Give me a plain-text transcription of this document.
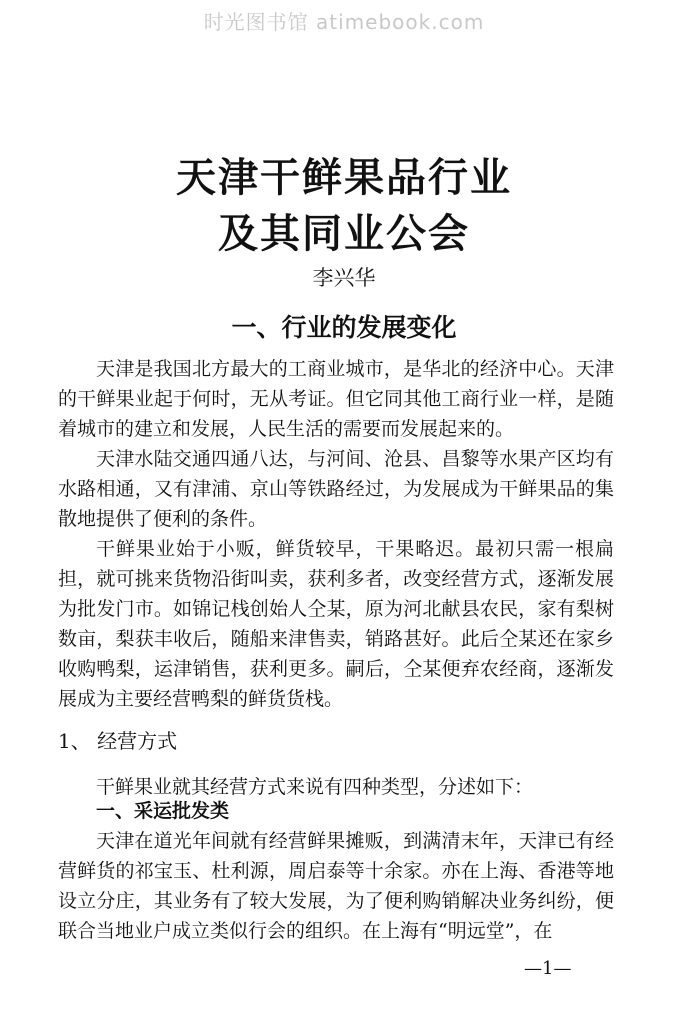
时光图书馆 atimebook.com
天津干鲜果品行业
及其同业公会
李兴华
一、行业的发展变化
天津是我国北方最大的工商业城市，是华北的经济中心。天津的干鲜果业起于何时，无从考证。但它同其他工商行业一样，是随着城市的建立和发展，人民生活的需要而发展起来的。
天津水陆交通四通八达，与河间、沧县、昌黎等水果产区均有水路相通，又有津浦、京山等铁路经过，为发展成为干鲜果品的集散地提供了便利的条件。
干鲜果业始于小贩，鲜货较早，干果略迟。最初只需一根扁担，就可挑来货物沿街叫卖，获利多者，改变经营方式，逐渐发展为批发门市。如锦记栈创始人仝某，原为河北献县农民，家有梨树数亩，梨获丰收后，随船来津售卖，销路甚好。此后仝某还在家乡收购鸭梨，运津销售，获利更多。嗣后，仝某便弃农经商，逐渐发展成为主要经营鸭梨的鲜货货栈。
1、 经营方式
干鲜果业就其经营方式来说有四种类型，分述如下：
一、采运批发类
天津在道光年间就有经营鲜果摊贩，到满清末年，天津已有经营鲜货的祁宝玉、杜利源，周启泰等十余家。亦在上海、香港等地设立分庄，其业务有了较大发展，为了便利购销解决业务纠纷，便联合当地业户成立类似行会的组织。在上海有“明远堂”，在
—1—
